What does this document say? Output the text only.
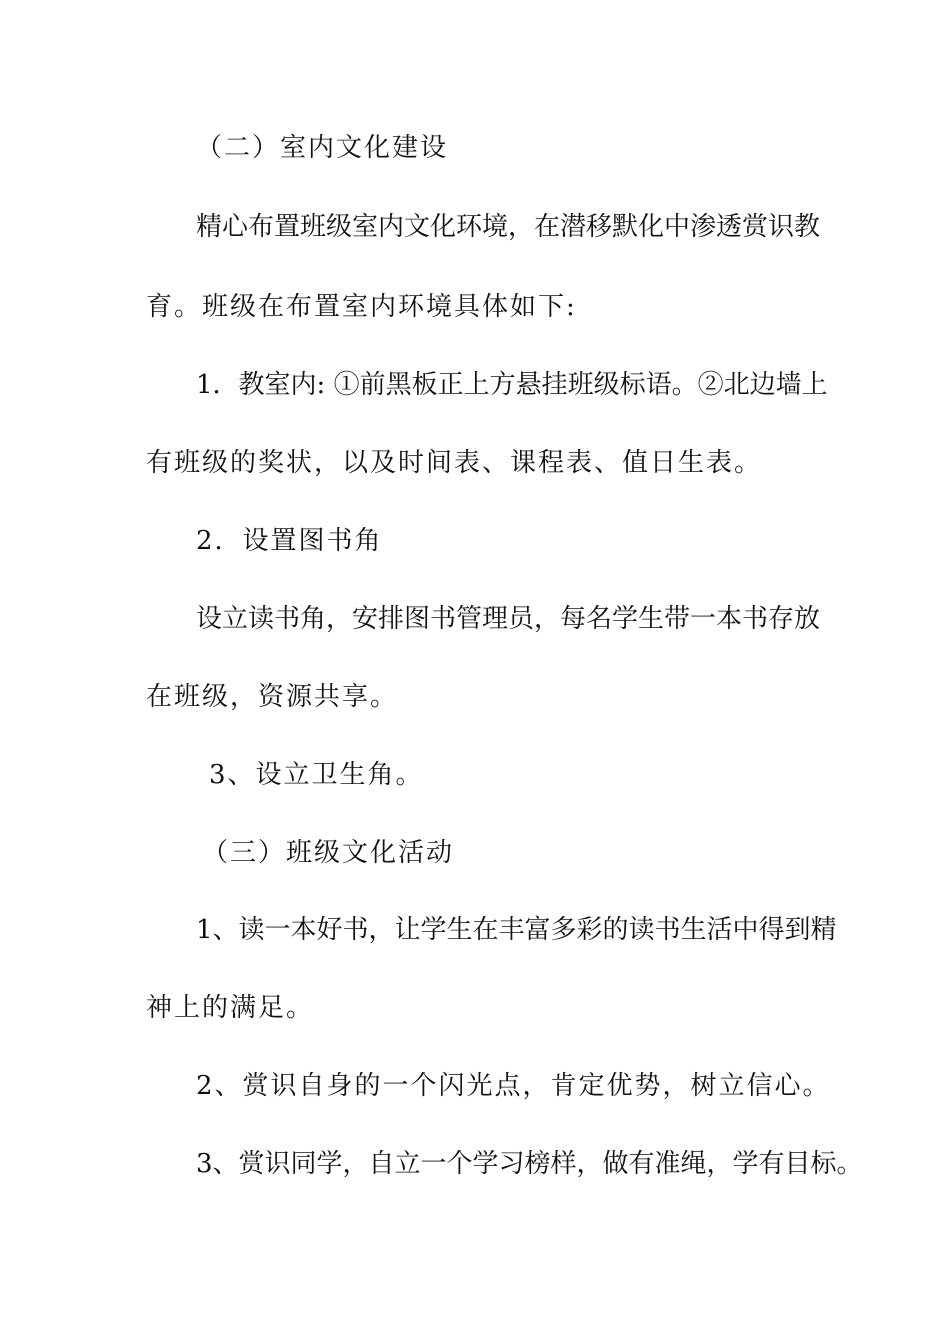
（二）室内文化建设
精心布置班级室内文化环境，在潜移默化中渗透赏识教
育。班级在布置室内环境具体如下:
1．教室内: ①前黑板正上方悬挂班级标语。②北边墙上
有班级的奖状，以及时间表、课程表、值日生表。
2．设置图书角
设立读书角，安排图书管理员，每名学生带一本书存放
在班级，资源共享。
3、设立卫生角。
（三）班级文化活动
1、读一本好书，让学生在丰富多彩的读书生活中得到精
神上的满足。
2、赏识自身的一个闪光点，肯定优势，树立信心。
3、赏识同学，自立一个学习榜样，做有准绳，学有目标。
